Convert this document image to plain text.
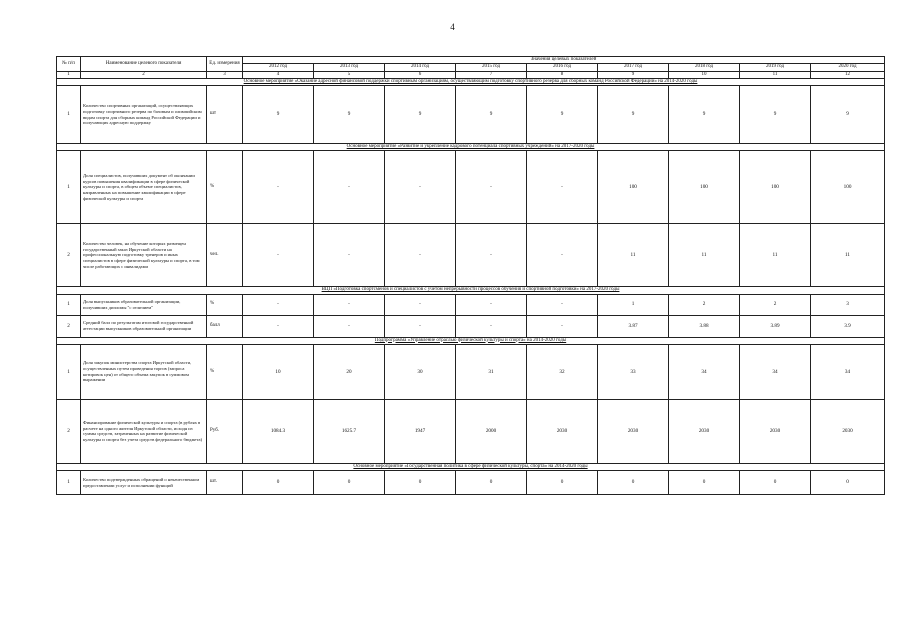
4
№ п/п	Наименование целевого показателя	Ед. измерения	Значения целевых показателей								
			2012 год	2013 год	2014 год	2015 год	2016 год	2017 год	2018 год	2019 год	2020 год
1	2	3	4	5	6	7	8	9	10	11	12
Основное мероприятие «Оказание адресной финансовой поддержки спортивным организациям, осуществляющим подготовку спортивного резерва для сборных команд Российской Федерации» на 2014-2020 годы											
1	Количество спортивных организаций, осуществляющих подготовку спортивного резерва по базовым и олимпийским видам спорта для сборных команд Российской Федерации и получающих адресную поддержку	шт	9	9	9	9	9	9	9	9	9
Основное мероприятие «Развитие и укрепление кадрового потенциала спортивных учреждений» на 2017-2020 годы											
1	Доля специалистов, получивших документ об окончании курсов повышения квалификации в сфере физической культуры и спорта, в общем объеме специалистов, направленных на повышение квалификации в сфере физической культуры и спорта	%	-	-	-	-	-	100	100	100	100
2	Количество человек, на обучение которых размещен государственный заказ Иркутской области на профессиональную подготовку тренеров и иных специалистов в сфере физической культуры и спорта, в том числе работающих с инвалидами	чел.	-	-	-	-	-	11	11	11	11
ВЦП «Подготовка спортсменов и специалистов с учетом непрерывности процессов обучения и спортивной подготовки» на 2017-2020 годы											
1	Доля выпускников образовательной организации, получивших дипломы "с отличием"	%	-	-	-	-	-	1	2	2	3
2	Средний балл по результатам итоговой государственной аттестации выпускников образовательной организации	балл	-	-	-	-	-	3.87	3.88	3.89	3.9
Подпрограмма «Управление отраслью физической культуры и спорта» на 2014-2020 годы											
1	Доля закупок министерства спорта Иркутской области, осуществленных путем проведения торгов (запроса котировок цен) от общего объема закупок в суммовом выражении	%	10	20	30	31	32	33	34	34	34
2	Финансирование физической культуры и спорта (в рублях в расчете на одного жителя Иркутской области, исходя из суммы средств, затраченных на развитие физической культуры и спорта без учета средств федерального бюджета)	Руб.	1084.3	1625.7	1947	2000	2030	2030	2030	2030	2030
Основное мероприятие «Государственная политика в сфере физической культуры, спорта» на 2014-2020 годы											
1	Количество подтвержденных обращений о некачественном предоставлении услуг и исполнении функций	шт.	0	0	0	0	0	0	0	0	0
